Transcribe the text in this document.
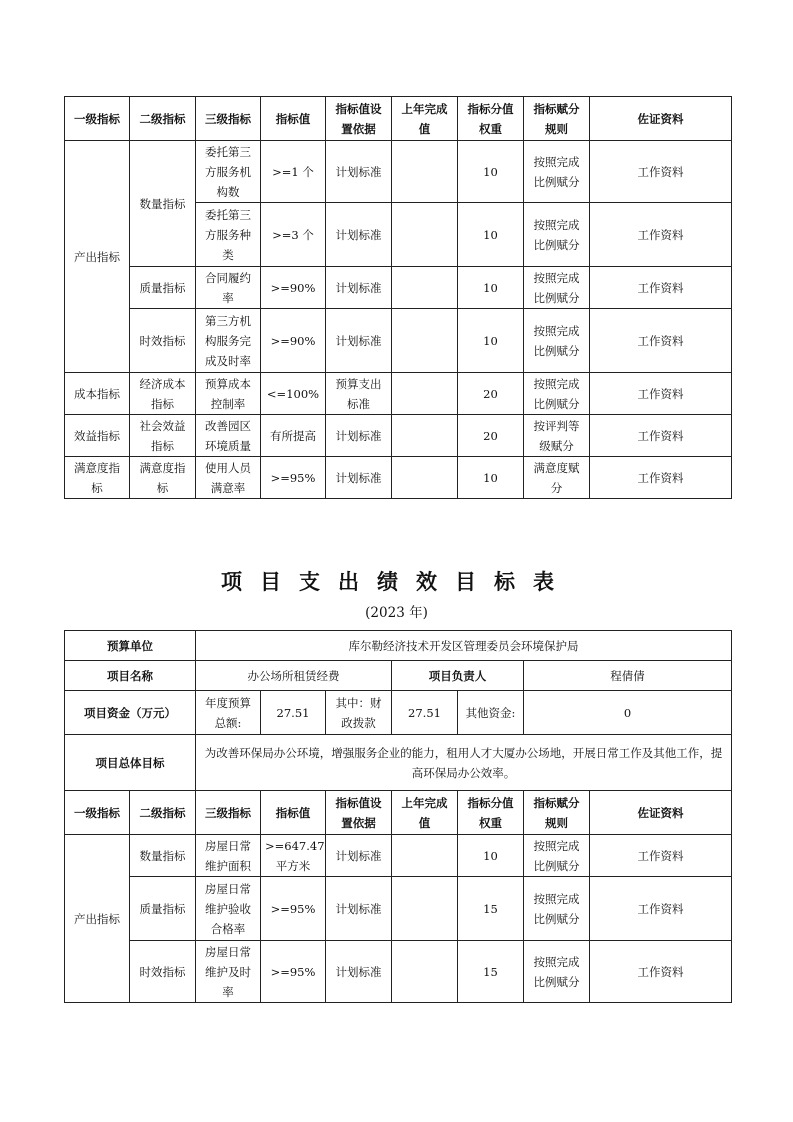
一级指标	二级指标	三级指标	指标值	指标值设置依据	上年完成值	指标分值权重	指标赋分规则	佐证资料
产出指标	数量指标	委托第三方服务机构数	>=1 个	计划标准		10	按照完成比例赋分	工作资料
		委托第三方服务种类	>=3 个	计划标准		10	按照完成比例赋分	工作资料
	质量指标	合同履约率	>=90%	计划标准		10	按照完成比例赋分	工作资料
	时效指标	第三方机构服务完成及时率	>=90%	计划标准		10	按照完成比例赋分	工作资料
成本指标	经济成本指标	预算成本控制率	<=100%	预算支出标准		20	按照完成比例赋分	工作资料
效益指标	社会效益指标	改善园区环境质量	有所提高	计划标准		20	按评判等级赋分	工作资料
满意度指标	满意度指标	使用人员满意率	>=95%	计划标准		10	满意度赋分	工作资料
项目支出绩效目标表
(2023 年)
预算单位		库尔勒经济技术开发区管理委员会环境保护局						
项目名称		办公场所租赁经费			项目负责人		程倩倩	
项目资金（万元）		年度预算总额:	27.51	其中：财政拨款	27.51	其他资金:	0	
项目总体目标		为改善环保局办公环境，增强服务企业的能力，租用人才大厦办公场地，开展日常工作及其他工作，提高环保局办公效率。						
一级指标	二级指标	三级指标	指标值	指标值设置依据	上年完成值	指标分值权重	指标赋分规则	佐证资料
产出指标	数量指标	房屋日常维护面积	>=647.47 平方米	计划标准		10	按照完成比例赋分	工作资料
	质量指标	房屋日常维护验收合格率	>=95%	计划标准		15	按照完成比例赋分	工作资料
	时效指标	房屋日常维护及时率	>=95%	计划标准		15	按照完成比例赋分	工作资料
